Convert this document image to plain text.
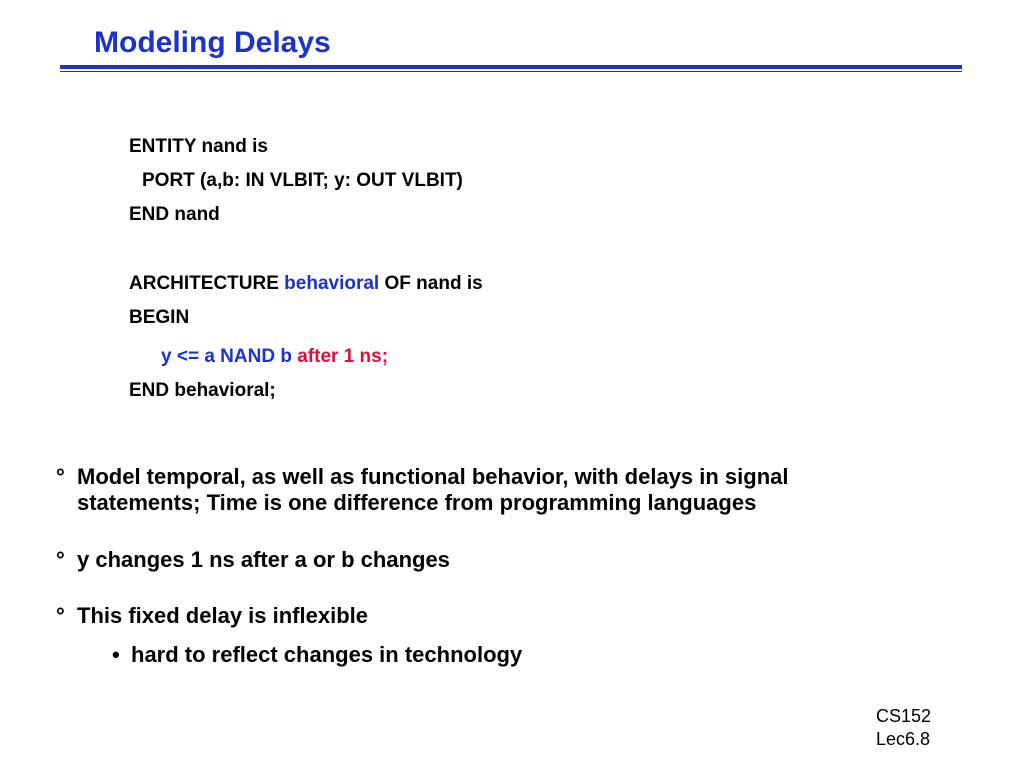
Modeling Delays
ENTITY nand is
PORT (a,b: IN VLBIT; y: OUT VLBIT)
END nand
ARCHITECTURE behavioral OF nand is
BEGIN
y <= a NAND b after 1 ns;
END behavioral;
° Model temporal, as well as functional behavior, with delays in signal
statements; Time is one difference from programming languages
° y changes 1 ns after a or b changes
° This fixed delay is inflexible
• hard to reflect changes in technology
CS152
Lec6.8
